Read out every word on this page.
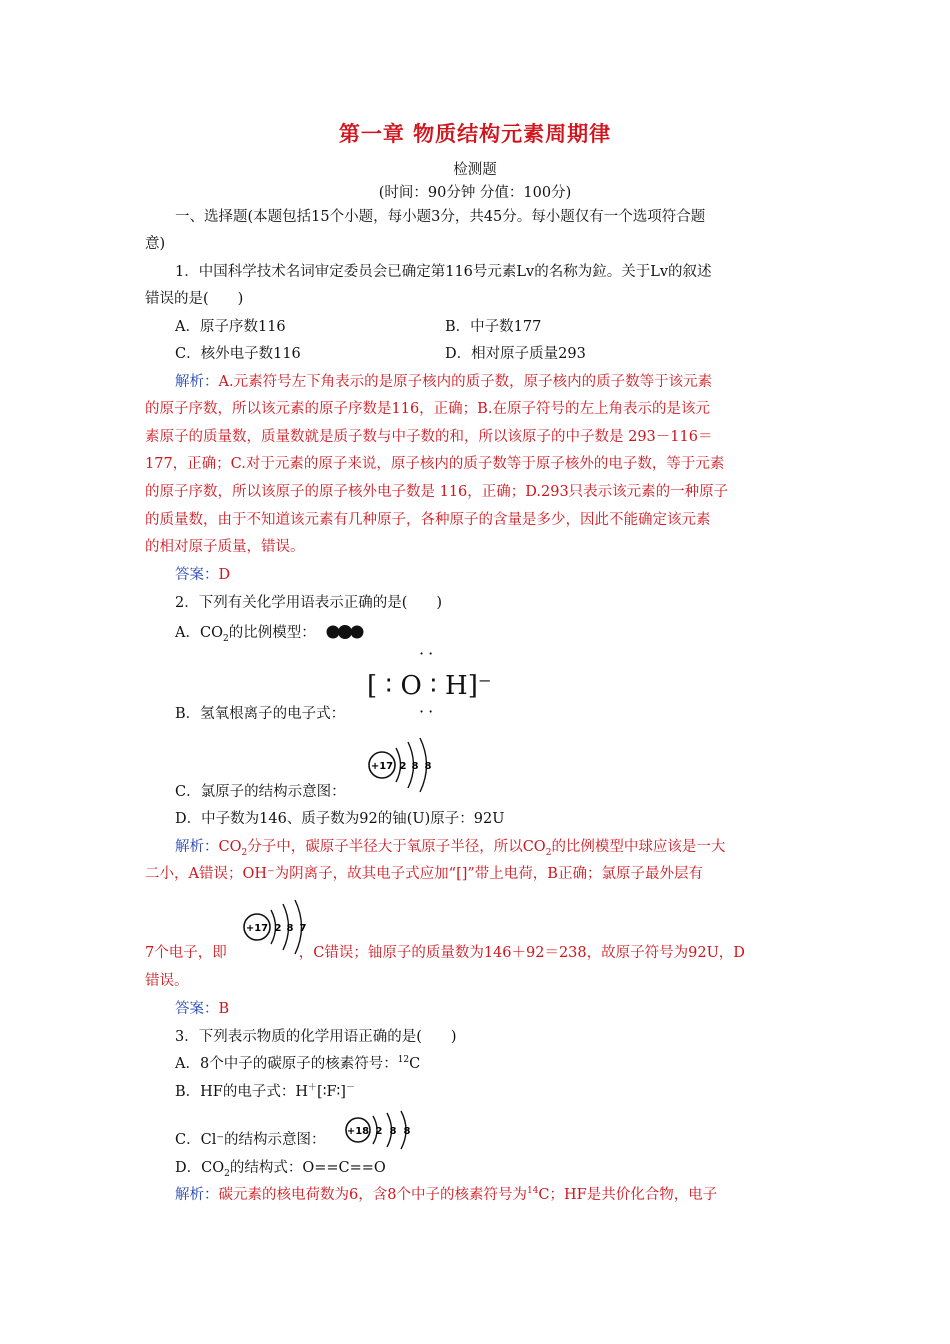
第一章 物质结构元素周期律
检测题
(时间：90分钟 分值：100分)

一、选择题(本题包括15个小题，每小题3分，共45分。每小题仅有一个选项符合题

意)

1．中国科学技术名词审定委员会已确定第116号元素Lv的名称为鉝。关于Lv的叙述

错误的是(　　)

A．原子序数116	B．中子数177
C．核外电子数116	D．相对原子质量293

解析：A.元素符号左下角表示的是原子核内的质子数，原子核内的质子数等于该元素

的原子序数，所以该元素的原子序数是116，正确；B.在原子符号的左上角表示的是该元

素原子的质量数，质量数就是质子数与中子数的和，所以该原子的中子数是 293－116＝

177，正确；C.对于元素的原子来说，原子核内的质子数等于原子核外的电子数，等于元素

的原子序数，所以该原子的原子核外电子数是 116，正确；D.293只表示该元素的一种原子

的质量数，由于不知道该元素有几种原子，各种原子的含量是多少，因此不能确定该元素

的相对原子质量，错误。

答案：D

2．下列有关化学用语表示正确的是(　　)

A．$CO_2$的比例模型：
[ ∶ O ∶ H]⁻
··
··
B．氢氧根离子的电子式：
+17 2 8 8
C．氯原子的结构示意图：
D．中子数为146、质子数为92的铀(U)原子：92U

解析：$CO_2$分子中，碳原子半径大于氧原子半径，所以$CO_2$的比例模型中球应该是一大

二小，A错误；OH⁻为阴离子，故其电子式应加“[]”带上电荷，B正确；氯原子最外层有

+17 2 8 7

7个电子，即	，C错误；铀原子的质量数为146＋92＝238，故原子符号为92U，D

错误。

答案：B

3．下列表示物质的化学用语正确的是(　　)

A．8个中子的碳原子的核素符号：$^{12}$C
B．HF的电子式：H＋[∶F∶]－
+18 2 8 8
C．Cl⁻的结构示意图：
D．$CO_2$的结构式：O==C==O

解析：碳元素的核电荷数为6，含8个中子的核素符号为$^{14}$C；HF是共价化合物，电子
